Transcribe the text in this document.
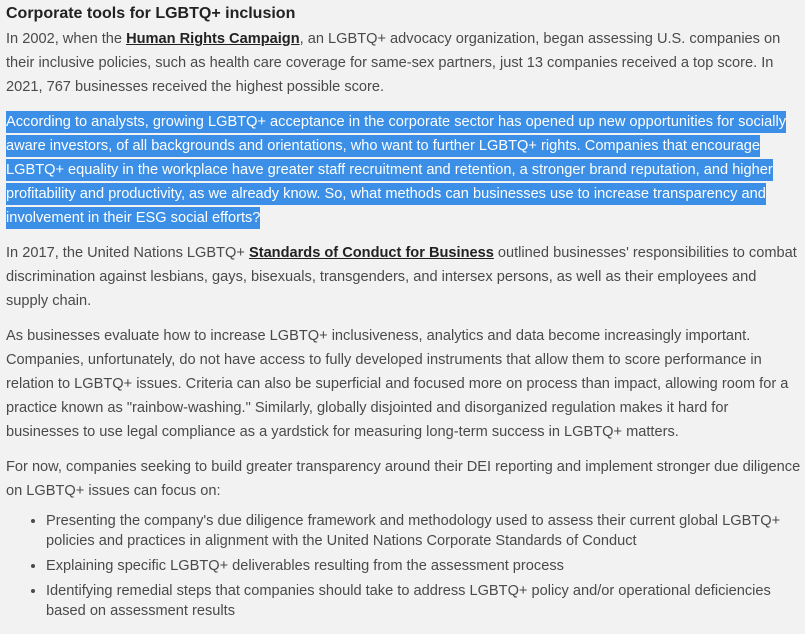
Corporate tools for LGBTQ+ inclusion

In 2002, when the Human Rights Campaign, an LGBTQ+ advocacy organization, began assessing U.S. companies on their inclusive policies, such as health care coverage for same-sex partners, just 13 companies received a top score. In 2021, 767 businesses received the highest possible score.

According to analysts, growing LGBTQ+ acceptance in the corporate sector has opened up new opportunities for socially aware investors, of all backgrounds and orientations, who want to further LGBTQ+ rights. Companies that encourage LGBTQ+ equality in the workplace have greater staff recruitment and retention, a stronger brand reputation, and higher profitability and productivity, as we already know. So, what methods can businesses use to increase transparency and involvement in their ESG social efforts?

In 2017, the United Nations LGBTQ+ Standards of Conduct for Business outlined businesses' responsibilities to combat discrimination against lesbians, gays, bisexuals, transgenders, and intersex persons, as well as their employees and supply chain.

As businesses evaluate how to increase LGBTQ+ inclusiveness, analytics and data become increasingly important. Companies, unfortunately, do not have access to fully developed instruments that allow them to score performance in relation to LGBTQ+ issues. Criteria can also be superficial and focused more on process than impact, allowing room for a practice known as "rainbow-washing." Similarly, globally disjointed and disorganized regulation makes it hard for businesses to use legal compliance as a yardstick for measuring long-term success in LGBTQ+ matters.

For now, companies seeking to build greater transparency around their DEI reporting and implement stronger due diligence on LGBTQ+ issues can focus on:

• Presenting the company's due diligence framework and methodology used to assess their current global LGBTQ+ policies and practices in alignment with the United Nations Corporate Standards of Conduct
• Explaining specific LGBTQ+ deliverables resulting from the assessment process
• Identifying remedial steps that companies should take to address LGBTQ+ policy and/or operational deficiencies based on assessment results
